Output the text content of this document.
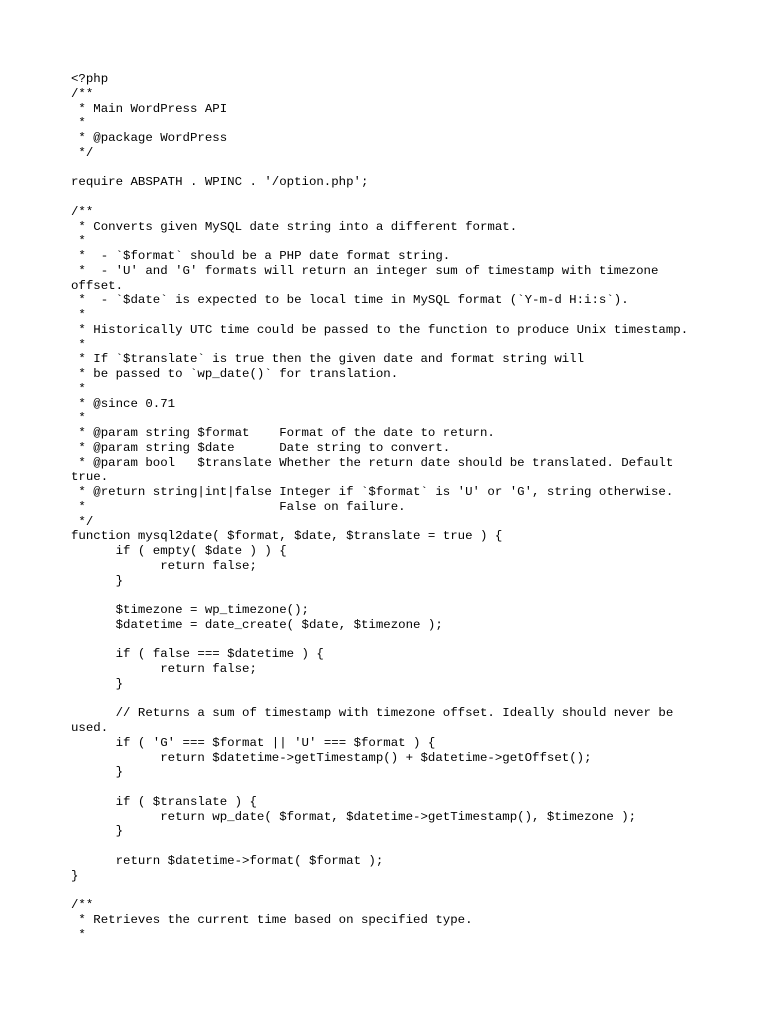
<?php
/**
* Main WordPress API
*
* @package WordPress
*/
require ABSPATH . WPINC . '/option.php';
/**
* Converts given MySQL date string into a different format.
*
*  - `$format` should be a PHP date format string.
*  - 'U' and 'G' formats will return an integer sum of timestamp with timezone
offset.
*  - `$date` is expected to be local time in MySQL format (`Y-m-d H:i:s`).
*
* Historically UTC time could be passed to the function to produce Unix timestamp.
*
* If `$translate` is true then the given date and format string will
* be passed to `wp_date()` for translation.
*
* @since 0.71
*
* @param string $format    Format of the date to return.
* @param string $date      Date string to convert.
* @param bool   $translate Whether the return date should be translated. Default
true.
* @return string|int|false Integer if `$format` is 'U' or 'G', string otherwise.
*                          False on failure.
*/
function mysql2date( $format, $date, $translate = true ) {
	if ( empty( $date ) ) {
		return false;
	}
	$timezone = wp_timezone();
	$datetime = date_create( $date, $timezone );
	if ( false === $datetime ) {
		return false;
	}
	// Returns a sum of timestamp with timezone offset. Ideally should never be
used.
	if ( 'G' === $format || 'U' === $format ) {
		return $datetime->getTimestamp() + $datetime->getOffset();
	}
	if ( $translate ) {
		return wp_date( $format, $datetime->getTimestamp(), $timezone );
	}
	return $datetime->format( $format );
}
/**
* Retrieves the current time based on specified type.
*
